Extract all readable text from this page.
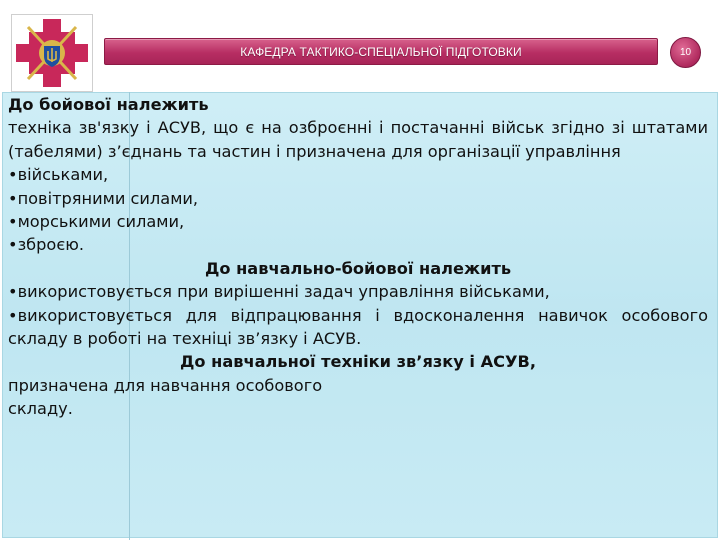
КАФЕДРА ТАКТИКО-СПЕЦІАЛЬНОЇ ПІДГОТОВКИ	10

До бойової належить

техніка зв'язку і АСУВ, що є на озброєнні і постачанні військ згідно зі штатами (табелями) з’єднань та частин і призначена для організації управління

• військами,

• повітряними силами,

• морськими силами,

• зброєю.

До навчально-бойової належить

• використовується при вирішенні задач управління військами,

• використовується для відпрацювання і вдосконалення навичок особового складу в роботі на техніці зв’язку і АСУВ.

До навчальної техніки зв’язку і АСУВ,

призначена для навчання особового

складу.
